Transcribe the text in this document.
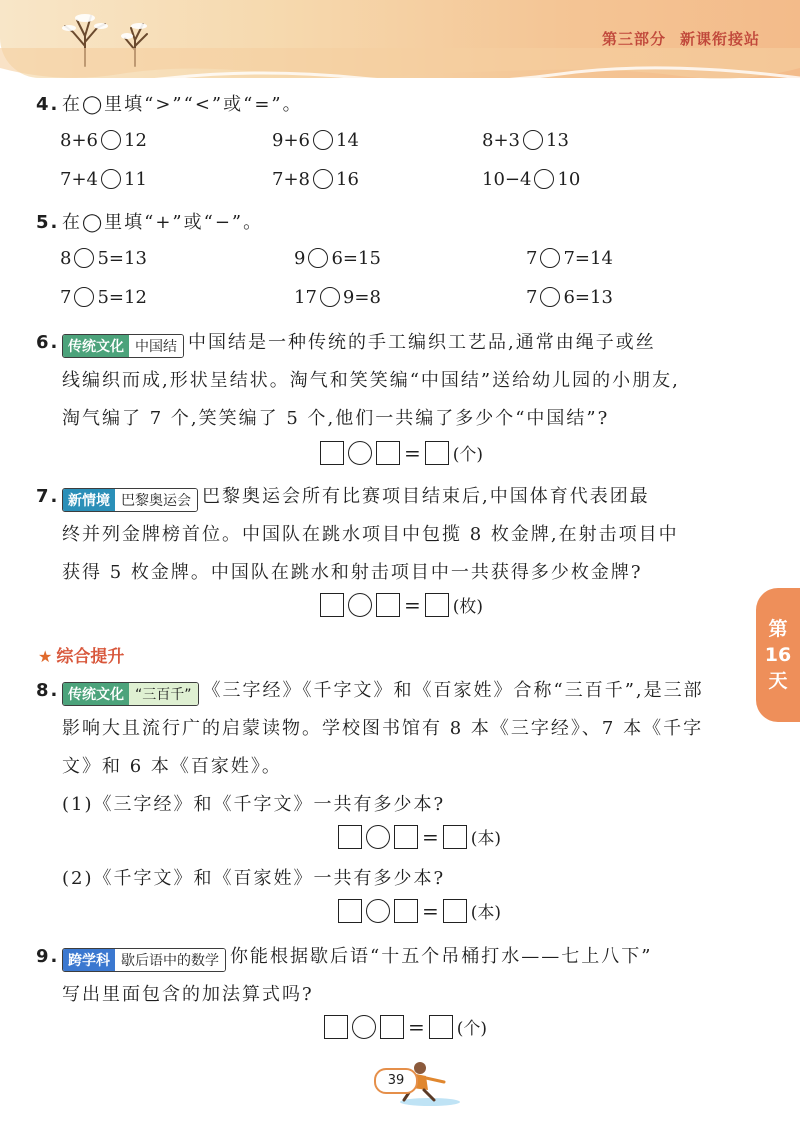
第三部分 新课衔接站
第
16
天
4. 在◯里填“>”“<”或“=”。
8+6 12	9+6 14	8+3 13
7+4 11	7+8 16	10−4 10
5. 在◯里填“+”或“−”。
8 5=13	9 6=15	7 7=14
7 5=12	17 9=8	7 6=13
6. 传统文化 中国结 中国结是一种传统的手工编织工艺品,通常由绳子或丝
线编织而成,形状呈结状。淘气和笑笑编“中国结”送给幼儿园的小朋友,
淘气编了 7 个,笑笑编了 5 个,他们一共编了多少个“中国结”?
= (个)
7. 新情境 巴黎奥运会 巴黎奥运会所有比赛项目结束后,中国体育代表团最
终并列金牌榜首位。中国队在跳水项目中包揽 8 枚金牌,在射击项目中
获得 5 枚金牌。中国队在跳水和射击项目中一共获得多少枚金牌?
= (枚)
★ 综合提升
8. 传统文化 “三百千” 《三字经》《千字文》和《百家姓》合称“三百千”,是三部
影响大且流行广的启蒙读物。学校图书馆有 8 本《三字经》、7 本《千字
文》和 6 本《百家姓》。
(1)《三字经》和《千字文》一共有多少本?
= (本)
(2)《千字文》和《百家姓》一共有多少本?
= (本)
9. 跨学科 歇后语中的数学 你能根据歇后语“十五个吊桶打水——七上八下”
写出里面包含的加法算式吗?
= (个)
39
